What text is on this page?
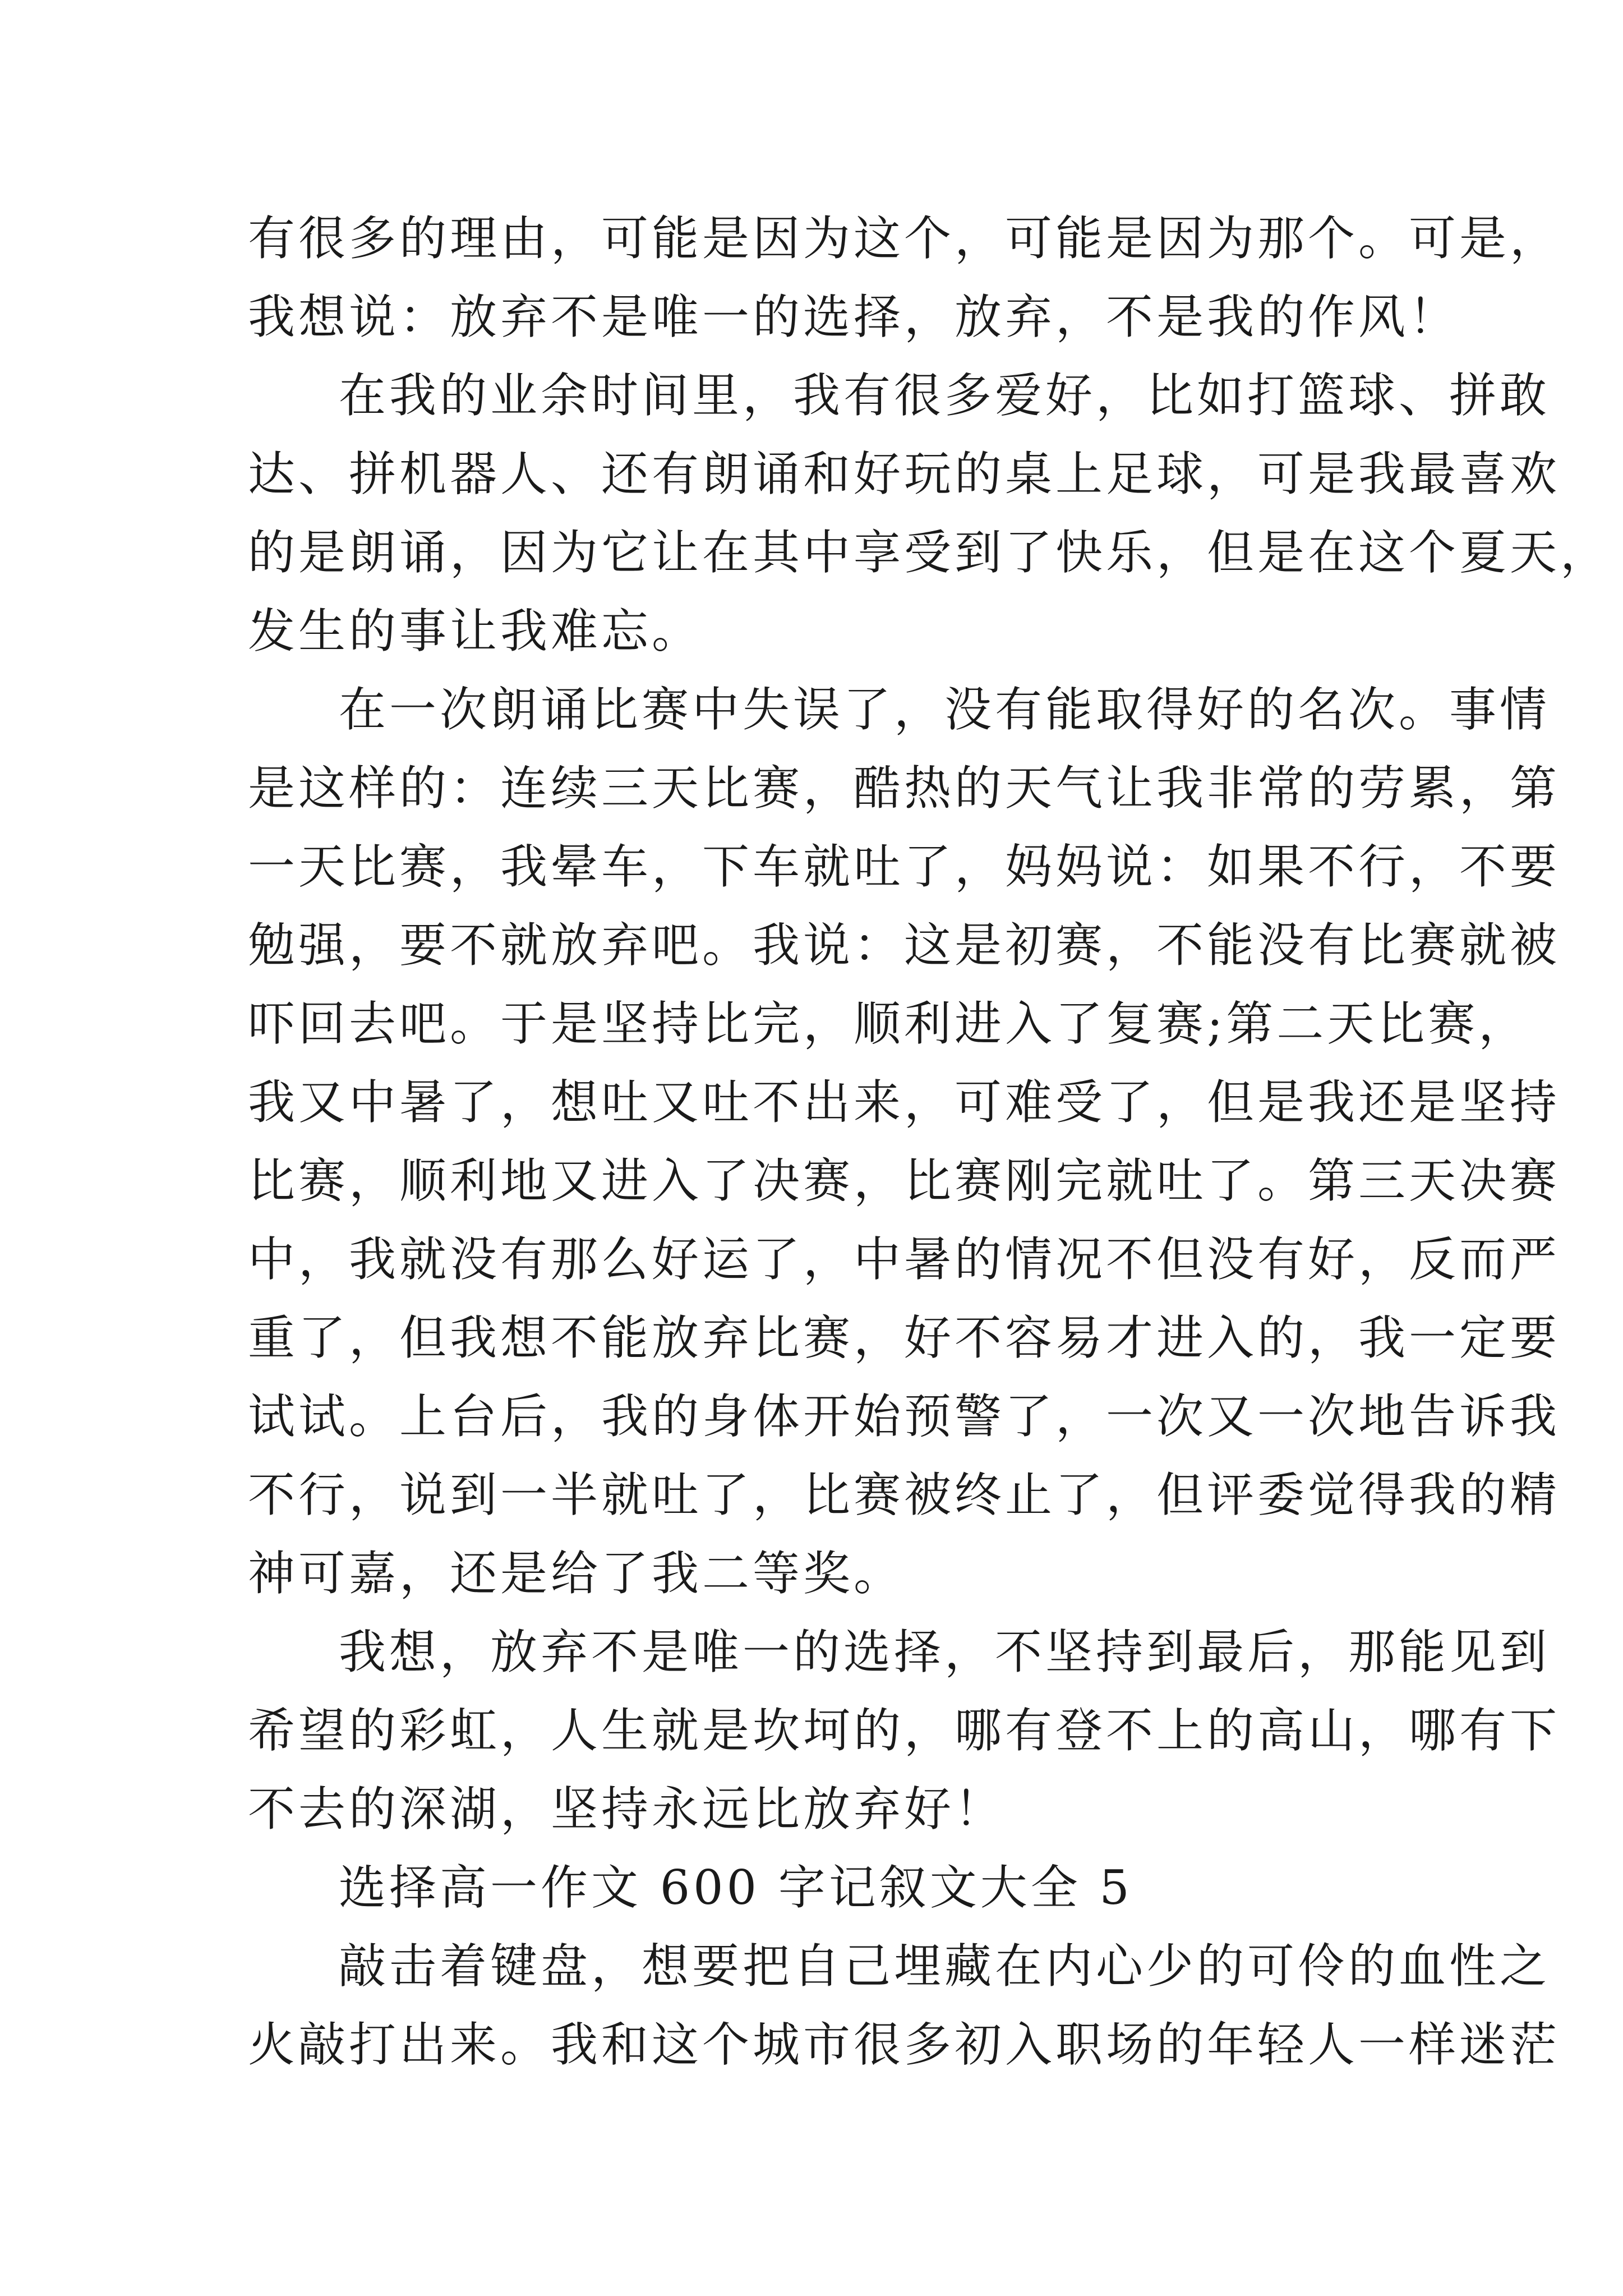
有很多的理由，可能是因为这个，可能是因为那个。可是，
我想说：放弃不是唯一的选择，放弃，不是我的作风！
在我的业余时间里，我有很多爱好，比如打篮球、拼敢
达、拼机器人、还有朗诵和好玩的桌上足球，可是我最喜欢
的是朗诵，因为它让在其中享受到了快乐，但是在这个夏天，
发生的事让我难忘。
在一次朗诵比赛中失误了，没有能取得好的名次。事情
是这样的：连续三天比赛，酷热的天气让我非常的劳累，第
一天比赛，我晕车，下车就吐了，妈妈说：如果不行，不要
勉强，要不就放弃吧。我说：这是初赛，不能没有比赛就被
吓回去吧。于是坚持比完，顺利进入了复赛;第二天比赛，
我又中暑了，想吐又吐不出来，可难受了，但是我还是坚持
比赛，顺利地又进入了决赛，比赛刚完就吐了。第三天决赛
中，我就没有那么好运了，中暑的情况不但没有好，反而严
重了，但我想不能放弃比赛，好不容易才进入的，我一定要
试试。上台后，我的身体开始预警了，一次又一次地告诉我
不行，说到一半就吐了，比赛被终止了，但评委觉得我的精
神可嘉，还是给了我二等奖。
我想，放弃不是唯一的选择，不坚持到最后，那能见到
希望的彩虹，人生就是坎坷的，哪有登不上的高山，哪有下
不去的深湖，坚持永远比放弃好！
选择高一作文 600 字记叙文大全 5
敲击着键盘，想要把自己埋藏在内心少的可伶的血性之
火敲打出来。我和这个城市很多初入职场的年轻人一样迷茫
